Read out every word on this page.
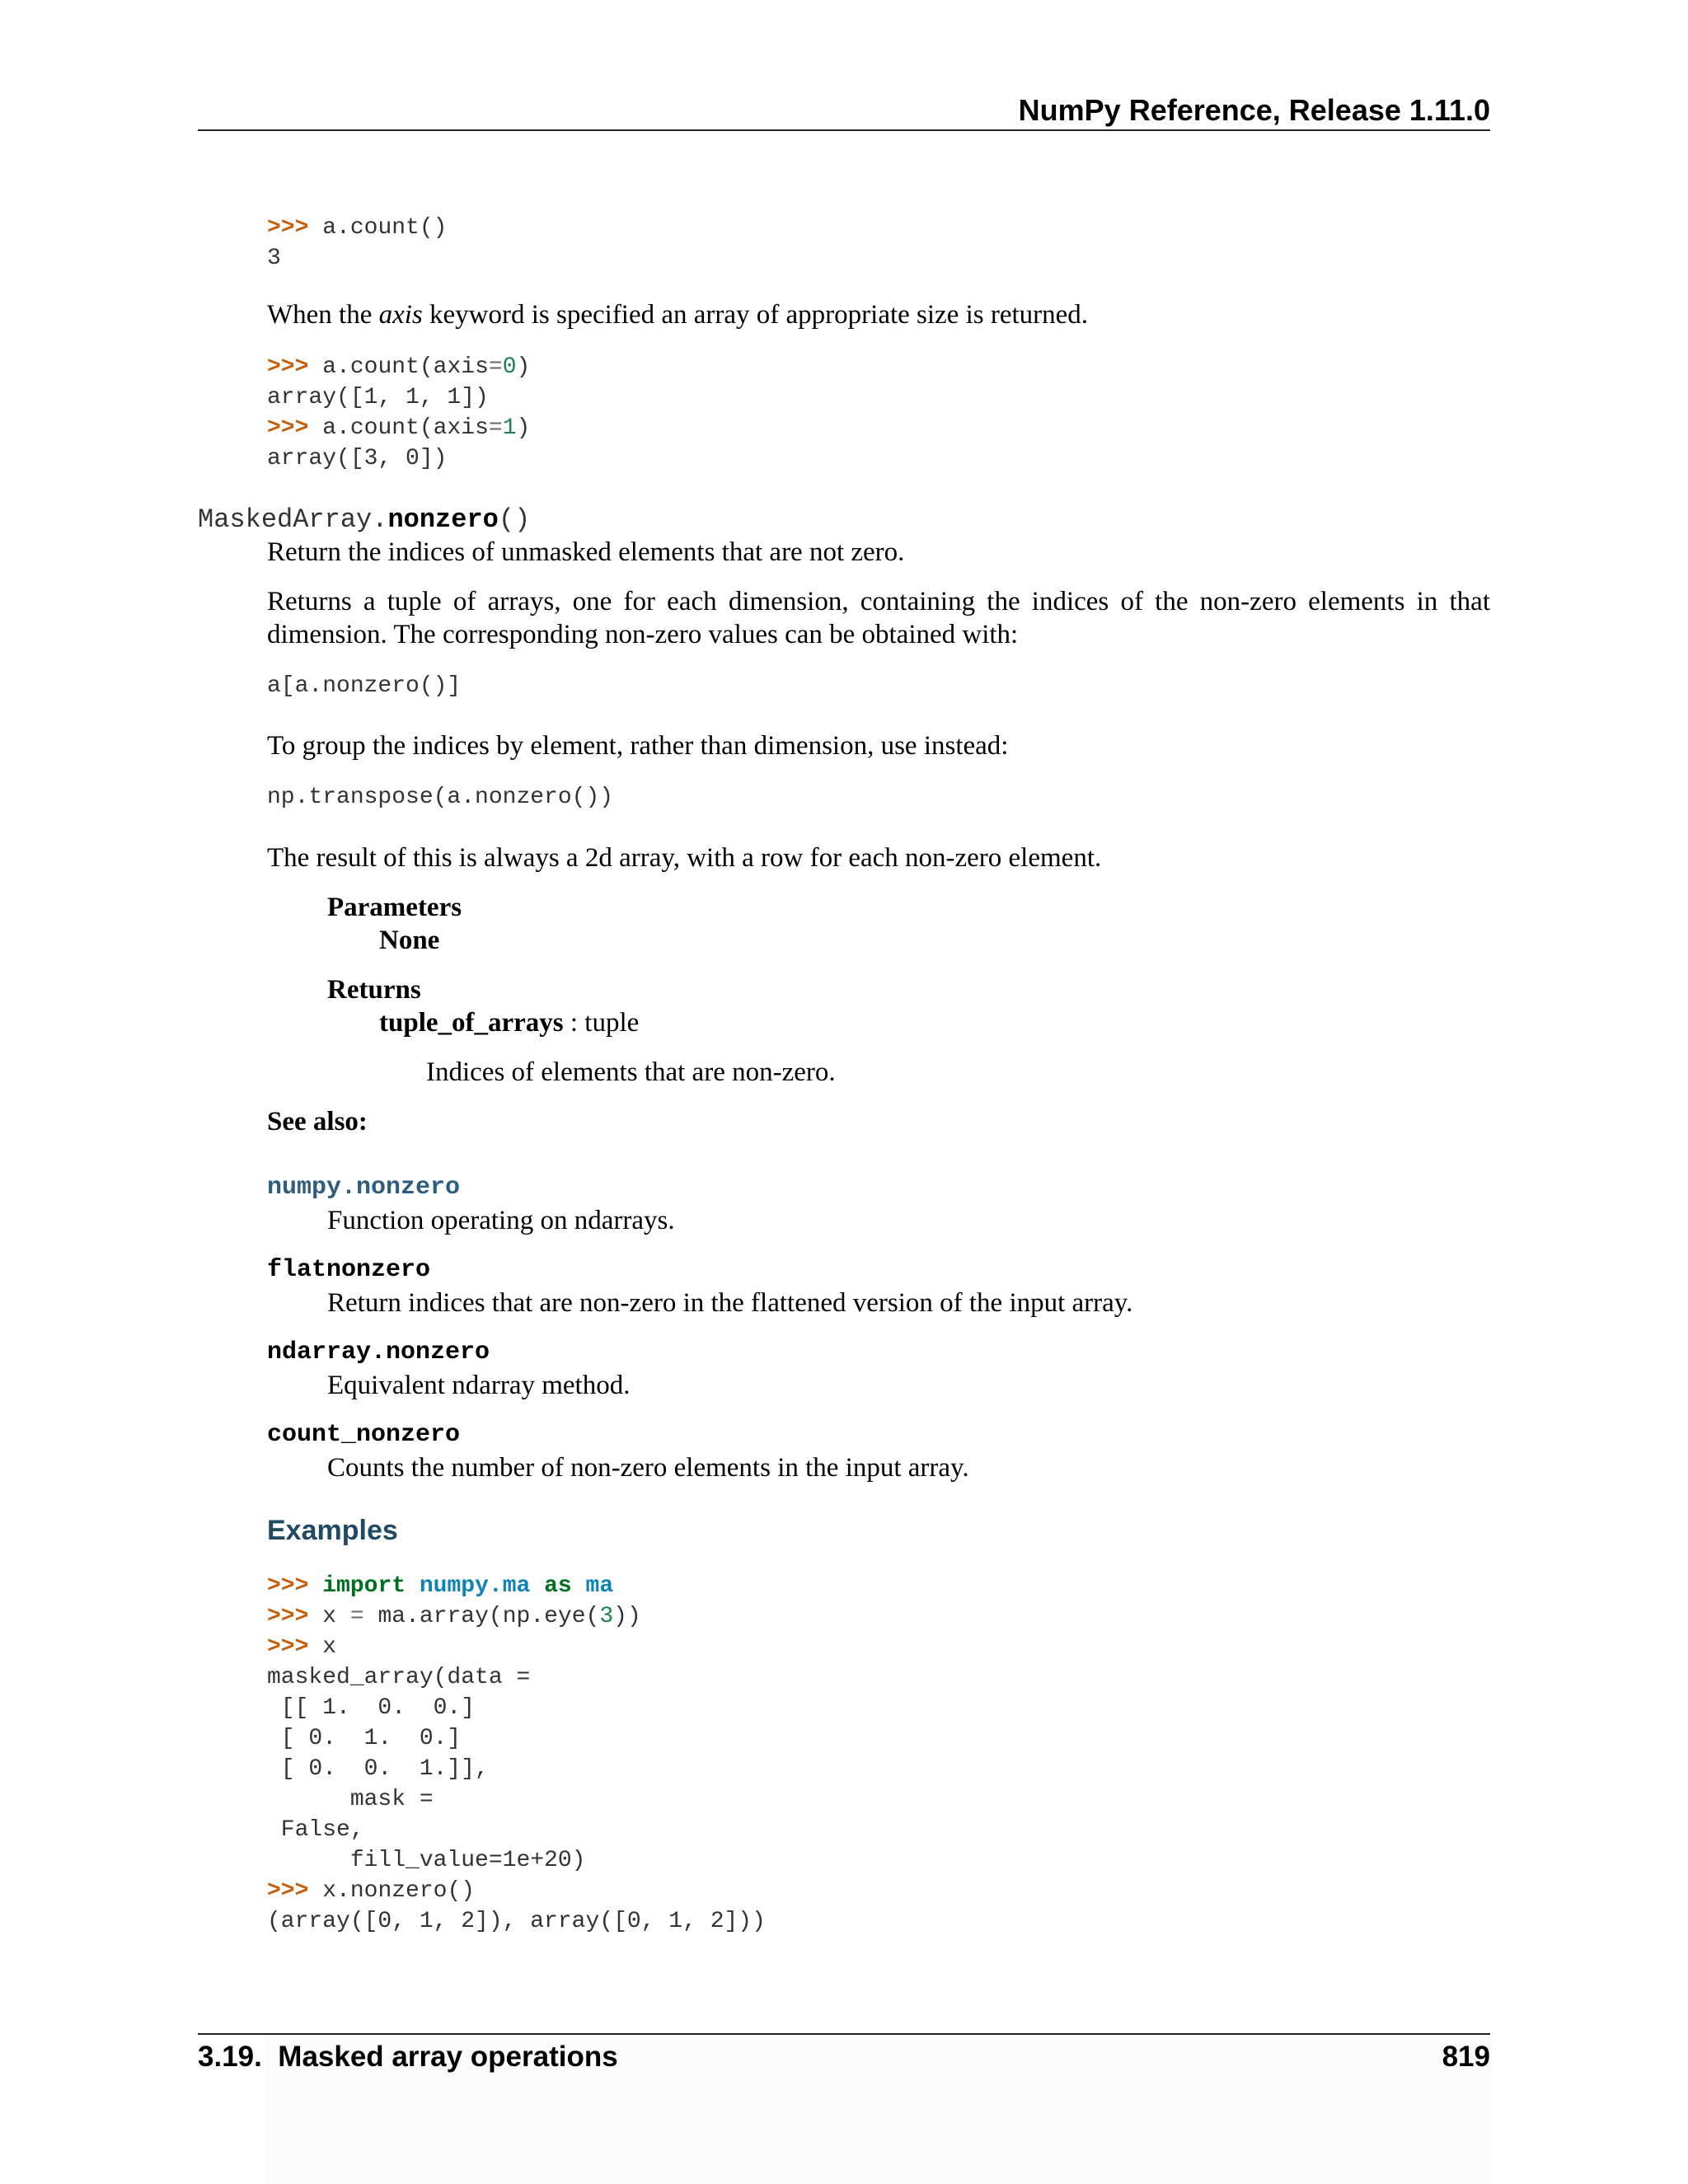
NumPy Reference, Release 1.11.0
>>> a.count()
3
When the axis keyword is specified an array of appropriate size is returned.
>>> a.count(axis=0)
array([1, 1, 1])
>>> a.count(axis=1)
array([3, 0])
MaskedArray.nonzero()
Return the indices of unmasked elements that are not zero.
Returns a tuple of arrays, one for each dimension, containing the indices of the non-zero elements in that dimension. The corresponding non-zero values can be obtained with:
a[a.nonzero()]
To group the indices by element, rather than dimension, use instead:
np.transpose(a.nonzero())
The result of this is always a 2d array, with a row for each non-zero element.
Parameters
None
Returns
tuple_of_arrays : tuple
Indices of elements that are non-zero.
See also:
numpy.nonzero
Function operating on ndarrays.
flatnonzero
Return indices that are non-zero in the flattened version of the input array.
ndarray.nonzero
Equivalent ndarray method.
count_nonzero
Counts the number of non-zero elements in the input array.
Examples
>>> import numpy.ma as ma
>>> x = ma.array(np.eye(3))
>>> x
masked_array(data =
[[ 1.  0.  0.]
[ 0.  1.  0.]
[ 0.  0.  1.]],
mask =
False,
fill_value=1e+20)
>>> x.nonzero()
(array([0, 1, 2]), array([0, 1, 2]))
3.19.  Masked array operations	819
